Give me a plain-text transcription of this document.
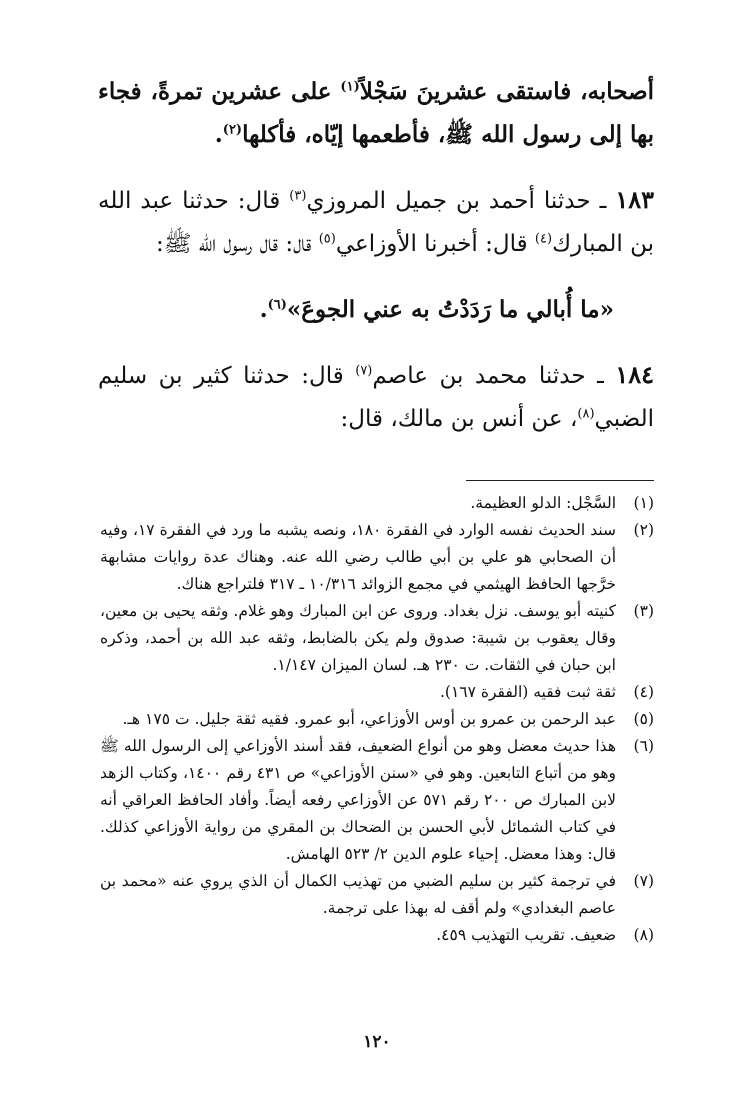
أصحابه، فاستقى عشرينَ سَجْلاً$^{(١)}$ على عشرين تمرةً، فجاء بها إلى رسول الله ﷺ، فأطعمها إيّاه، فأكلها$^{(٢)}$.

١٨٣ ـ حدثنا أحمد بن جميل المروزي$^{(٣)}$ قال: حدثنا عبد الله بن المبارك$^{(٤)}$ قال: أخبرنا الأوزاعي$^{(٥)}$ قال: قال رسول الله ﷺ:

«ما أُبالي ما رَدَدْتُ به عني الجوعَ»$^{(٦)}$.

١٨٤ ـ حدثنا محمد بن عاصم$^{(٧)}$ قال: حدثنا كثير بن سليم الضبي$^{(٨)}$، عن أنس بن مالك، قال:

(١)
السَّجْل: الدلو العظيمة.
(٢)
سند الحديث نفسه الوارد في الفقرة ١٨٠، ونصه يشبه ما ورد في الفقرة ١٧، وفيه أن الصحابي هو علي بن أبي طالب رضي الله عنه. وهناك عدة روايات مشابهة خرَّجها الحافظ الهيثمي في مجمع الزوائد ١٠/٣١٦ ـ ٣١٧ فلتراجع هناك.
(٣)
كنيته أبو يوسف. نزل بغداد. وروى عن ابن المبارك وهو غلام. وثقه يحيى بن معين، وقال يعقوب بن شيبة: صدوق ولم يكن بالضابط، وثقه عبد الله بن أحمد، وذكره ابن حبان في الثقات. ت ٢٣٠ هـ. لسان الميزان ١/١٤٧.
(٤)
ثقة ثبت فقيه (الفقرة ١٦٧).
(٥)
عبد الرحمن بن عمرو بن أوس الأوزاعي، أبو عمرو. فقيه ثقة جليل. ت ١٧٥ هـ.
(٦)
هذا حديث معضل وهو من أنواع الضعيف، فقد أسند الأوزاعي إلى الرسول الله ﷺ وهو من أتباع التابعين. وهو في «سنن الأوزاعي» ص ٤٣١ رقم ١٤٠٠، وكتاب الزهد لابن المبارك ص ٢٠٠ رقم ٥٧١ عن الأوزاعي رفعه أيضاً. وأفاد الحافظ العراقي أنه في كتاب الشمائل لأبي الحسن بن الضحاك بن المقري من رواية الأوزاعي كذلك. قال: وهذا معضل. إحياء علوم الدين ٢/ ٥٢٣ الهامش.
(٧)
في ترجمة كثير بن سليم الضبي من تهذيب الكمال أن الذي يروي عنه «محمد بن عاصم البغدادي» ولم أقف له بهذا على ترجمة.
(٨)
ضعيف. تقريب التهذيب ٤٥٩.
١٢٠
